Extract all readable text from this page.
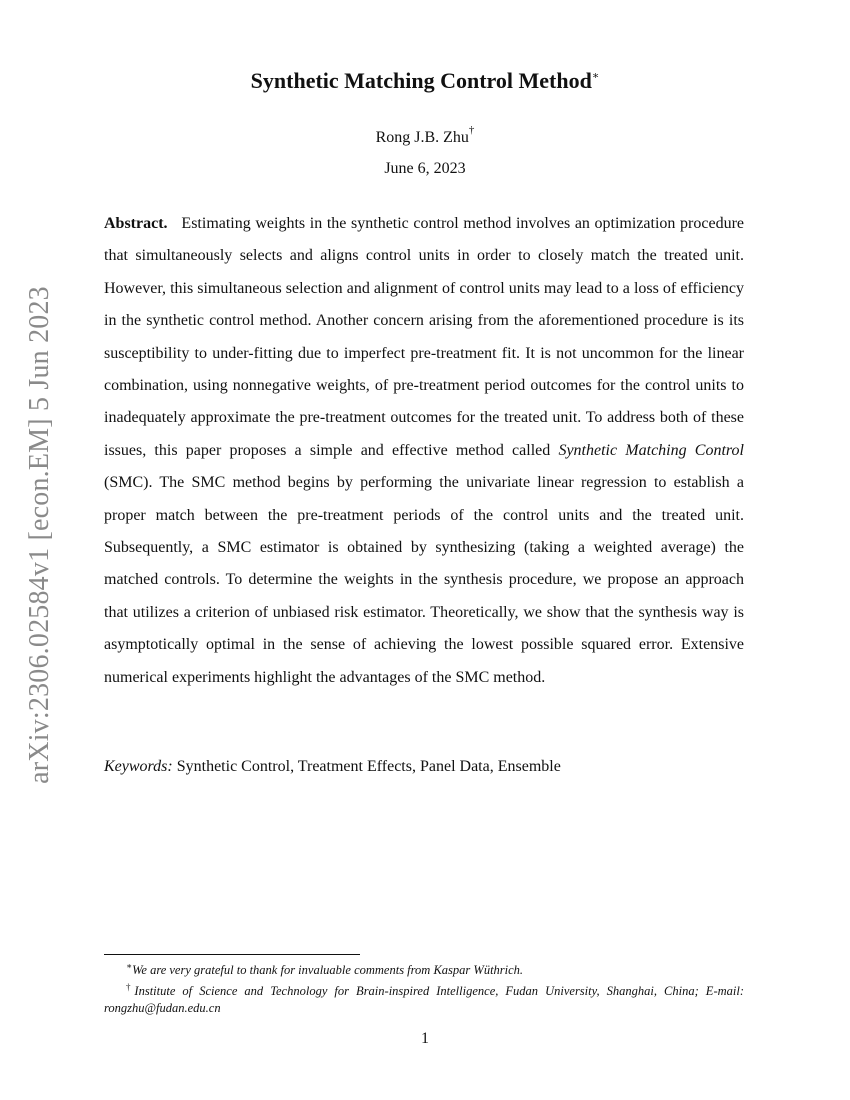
arXiv:2306.02584v1 [econ.EM] 5 Jun 2023
Synthetic Matching Control Method∗
Rong J.B. Zhu†
June 6, 2023

Abstract. Estimating weights in the synthetic control method involves an optimization procedure that simultaneously selects and aligns control units in order to closely match the treated unit. However, this simultaneous selection and alignment of control units may lead to a loss of efficiency in the synthetic control method. Another concern arising from the aforementioned procedure is its susceptibility to under-fitting due to imperfect pre-treatment fit. It is not uncommon for the linear combination, using nonnegative weights, of pre-treatment period outcomes for the control units to inadequately approximate the pre-treatment outcomes for the treated unit. To address both of these issues, this paper proposes a simple and effective method called Synthetic Matching Control (SMC). The SMC method begins by performing the univariate linear regression to establish a proper match between the pre-treatment periods of the control units and the treated unit. Subsequently, a SMC estimator is obtained by synthesizing (taking a weighted average) the matched controls. To determine the weights in the synthesis procedure, we propose an approach that utilizes a criterion of unbiased risk estimator. Theoretically, we show that the synthesis way is asymptotically optimal in the sense of achieving the lowest possible squared error. Extensive numerical experiments highlight the advantages of the SMC method.

Keywords: Synthetic Control, Treatment Effects, Panel Data, Ensemble

∗We are very grateful to thank for invaluable comments from Kaspar Wüthrich.

†Institute of Science and Technology for Brain-inspired Intelligence, Fudan University, Shanghai, China; E-mail: rongzhu@fudan.edu.cn

1
